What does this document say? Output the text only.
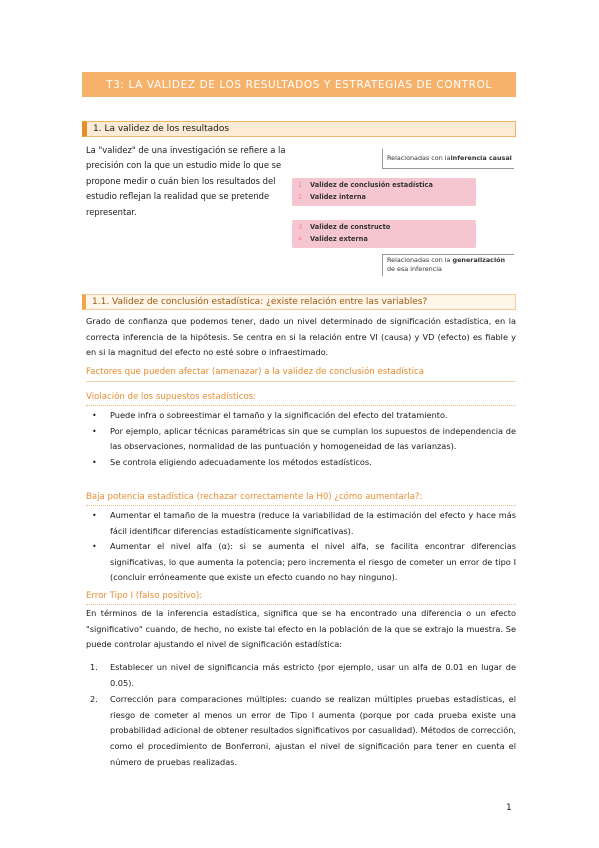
T3: LA VALIDEZ DE LOS RESULTADOS Y ESTRATEGIAS DE CONTROL
1. La validez de los resultados

La "validez" de una investigación se refiere a la precisión con la que un estudio mide lo que se propone medir o cuán bien los resultados del estudio reflejan la realidad que se pretende representar.

Relacionadas con la inferencia causal
1 Validez de conclusión estadística
2 Validez interna
3 Validez de constructo
4 Validez externa
Relacionadas con la generalización de esa inferencia
1.1. Validez de conclusión estadística: ¿existe relación entre las variables?

Grado de confianza que podemos tener, dado un nivel determinado de significación estadística, en la correcta inferencia de la hipótesis. Se centra en si la relación entre VI (causa) y VD (efecto) es fiable y en si la magnitud del efecto no esté sobre o infraestimado.

Factores que pueden afectar (amenazar) a la validez de conclusión estadística
Violación de los supuestos estadísticos:
• Puede infra o sobreestimar el tamaño y la significación del efecto del tratamiento.
• Por ejemplo, aplicar técnicas paramétricas sin que se cumplan los supuestos de independencia de las observaciones, normalidad de las puntuación y homogeneidad de las varianzas).
• Se controla eligiendo adecuadamente los métodos estadísticos.
Baja potencia estadística (rechazar correctamente la H0) ¿cómo aumentarla?:
• Aumentar el tamaño de la muestra (reduce la variabilidad de la estimación del efecto y hace más fácil identificar diferencias estadísticamente significativas).
• Aumentar el nivel alfa (α): si se aumenta el nivel alfa, se facilita encontrar diferencias significativas, lo que aumenta la potencia; pero incrementa el riesgo de cometer un error de tipo I (concluir erróneamente que existe un efecto cuando no hay ninguno).
Error Tipo I (falso positivo):

En términos de la inferencia estadística, significa que se ha encontrado una diferencia o un efecto "significativo" cuando, de hecho, no existe tal efecto en la población de la que se extrajo la muestra. Se puede controlar ajustando el nivel de significación estadística:

1. Establecer un nivel de significancia más estricto (por ejemplo, usar un alfa de 0.01 en lugar de 0.05).
2. Corrección para comparaciones múltiples: cuando se realizan múltiples pruebas estadísticas, el riesgo de cometer al menos un error de Tipo I aumenta (porque por cada prueba existe una probabilidad adicional de obtener resultados significativos por casualidad). Métodos de corrección, como el procedimiento de Bonferroni, ajustan el nivel de significación para tener en cuenta el número de pruebas realizadas.
1
